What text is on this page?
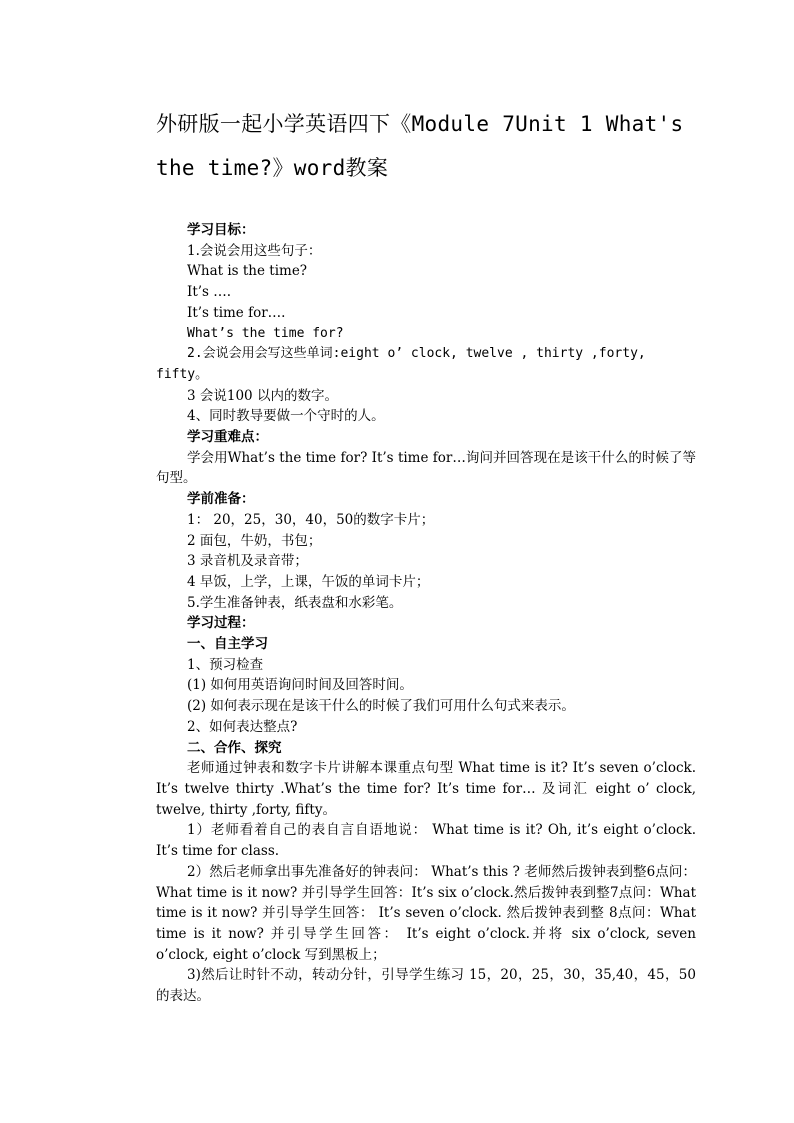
外研版一起小学英语四下《Module 7Unit 1 What's the time?》word教案

学习目标：

1.会说会用这些句子：

What is the time?

It’s ….

It’s time for….

What’s the time for?

2.会说会用会写这些单词:eight o’ clock, twelve , thirty ,forty, fifty。

3 会说100 以内的数字。

4、同时教导要做一个守时的人。

学习重难点：

学会用What’s the time for? It’s time for…询问并回答现在是该干什么的时候了等句型。

学前准备：

1： 20，25，30，40，50的数字卡片；

2 面包，牛奶，书包；

3 录音机及录音带；

4 早饭，上学，上课，午饭的单词卡片；

5.学生准备钟表，纸表盘和水彩笔。

学习过程：

一、自主学习

1、预习检查

(1) 如何用英语询问时间及回答时间。

(2) 如何表示现在是该干什么的时候了我们可用什么句式来表示。

2、如何表达整点?

二、合作、探究

老师通过钟表和数字卡片讲解本课重点句型 What time is it? It’s seven o’clock. It’s twelve thirty .What’s the time for? It’s time for… 及词汇 eight o’ clock, twelve, thirty ,forty, fifty。

1）老师看着自己的表自言自语地说： What time is it? Oh, it’s eight o’clock. It’s time for class.

2）然后老师拿出事先准备好的钟表问： What’s this ? 老师然后拨钟表到整6点问：What time is it now? 并引导学生回答：It’s six o’clock.然后拨钟表到整7点问：What time is it now? 并引导学生回答： It’s seven o’clock. 然后拨钟表到整 8点问：What time is it now? 并引导学生回答： It’s eight o’clock.并将 six o’clock, seven o’clock, eight o’clock 写到黑板上；

3)然后让时针不动，转动分针，引导学生练习 15，20，25，30，35,40，45，50的表达。
